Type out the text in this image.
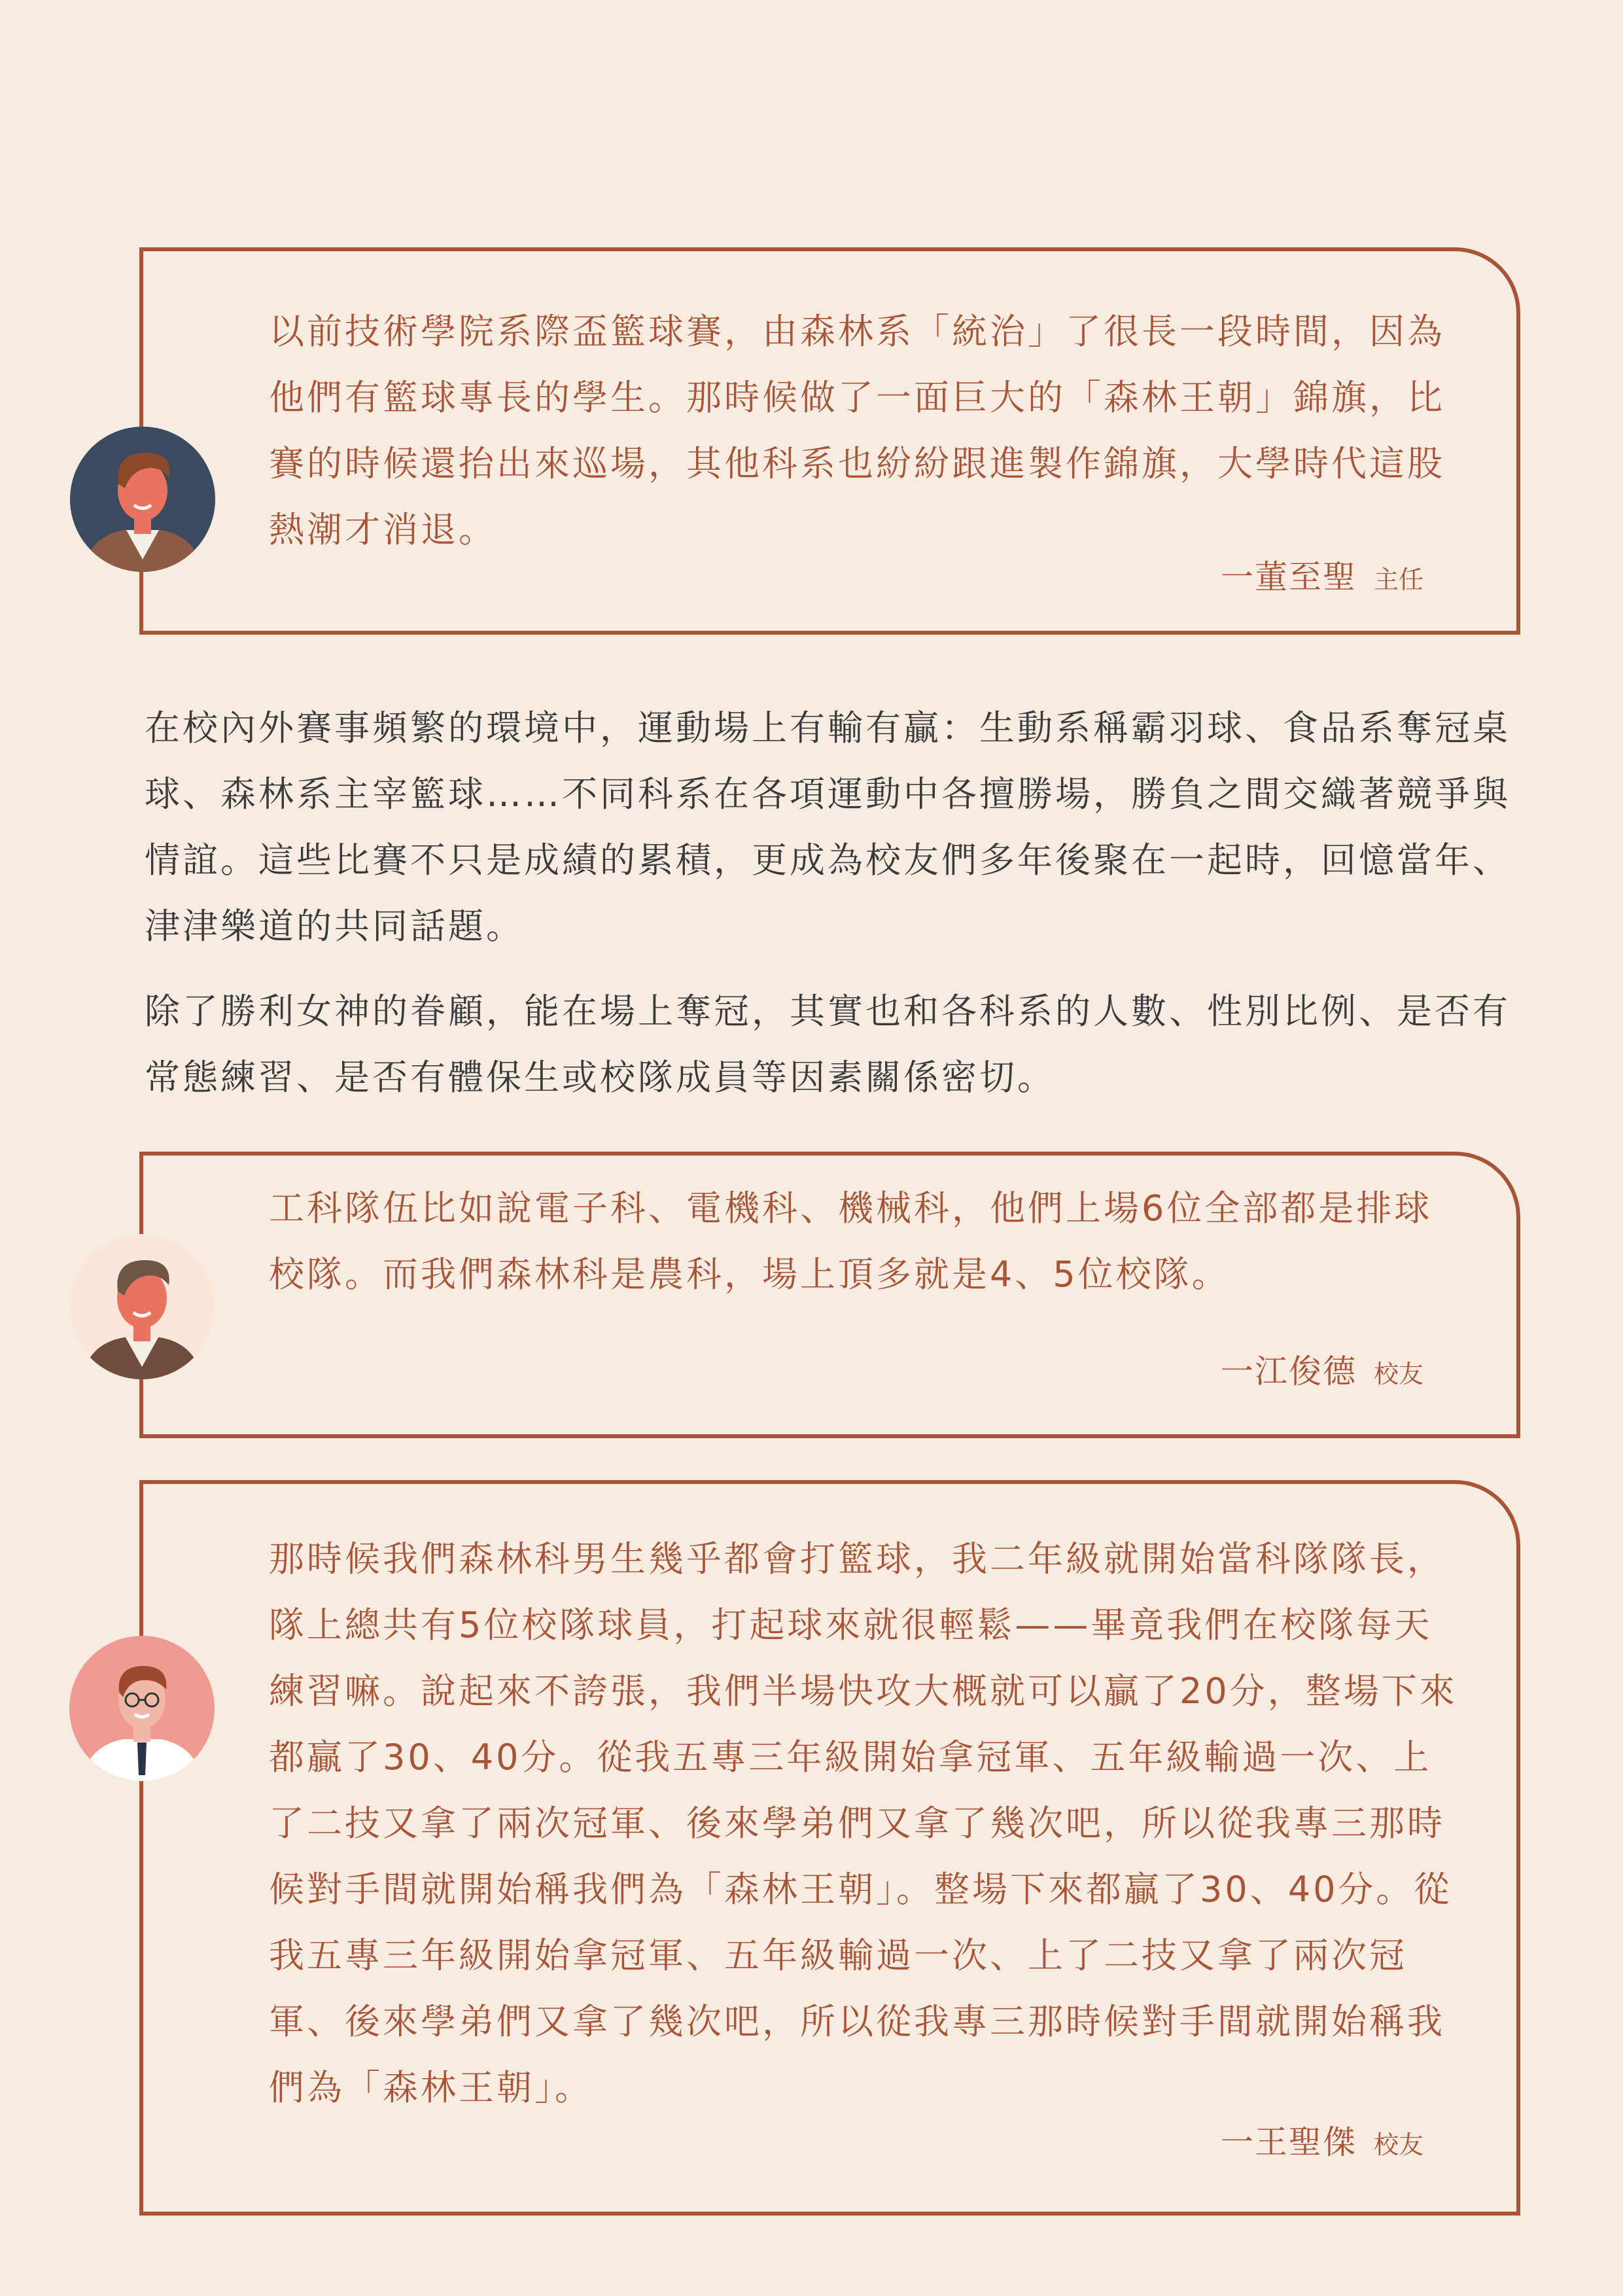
以前技術學院系際盃籃球賽，由森林系「統治」了很長一段時間，因為他們有籃球專長的學生。那時候做了一面巨大的「森林王朝」錦旗，比賽的時候還抬出來巡場，其他科系也紛紛跟進製作錦旗，大學時代這股熱潮才消退。

一董至聖 主任

在校內外賽事頻繁的環境中，運動場上有輸有贏：生動系稱霸羽球、食品系奪冠桌球、森林系主宰籃球……不同科系在各項運動中各擅勝場，勝負之間交織著競爭與情誼。這些比賽不只是成績的累積，更成為校友們多年後聚在一起時，回憶當年、津津樂道的共同話題。

除了勝利女神的眷顧，能在場上奪冠，其實也和各科系的人數、性別比例、是否有常態練習、是否有體保生或校隊成員等因素關係密切。

工科隊伍比如說電子科、電機科、機械科，他們上場6位全部都是排球校隊。而我們森林科是農科，場上頂多就是4、5位校隊。

一江俊德 校友

那時候我們森林科男生幾乎都會打籃球，我二年級就開始當科隊隊長，隊上總共有5位校隊球員，打起球來就很輕鬆——畢竟我們在校隊每天練習嘛。說起來不誇張，我們半場快攻大概就可以贏了20分，整場下來都贏了30、40分。從我五專三年級開始拿冠軍、五年級輸過一次、上了二技又拿了兩次冠軍、後來學弟們又拿了幾次吧，所以從我專三那時候對手間就開始稱我們為「森林王朝」。整場下來都贏了30、40分。從我五專三年級開始拿冠軍、五年級輸過一次、上了二技又拿了兩次冠軍、後來學弟們又拿了幾次吧，所以從我專三那時候對手間就開始稱我們為「森林王朝」。

一王聖傑 校友
